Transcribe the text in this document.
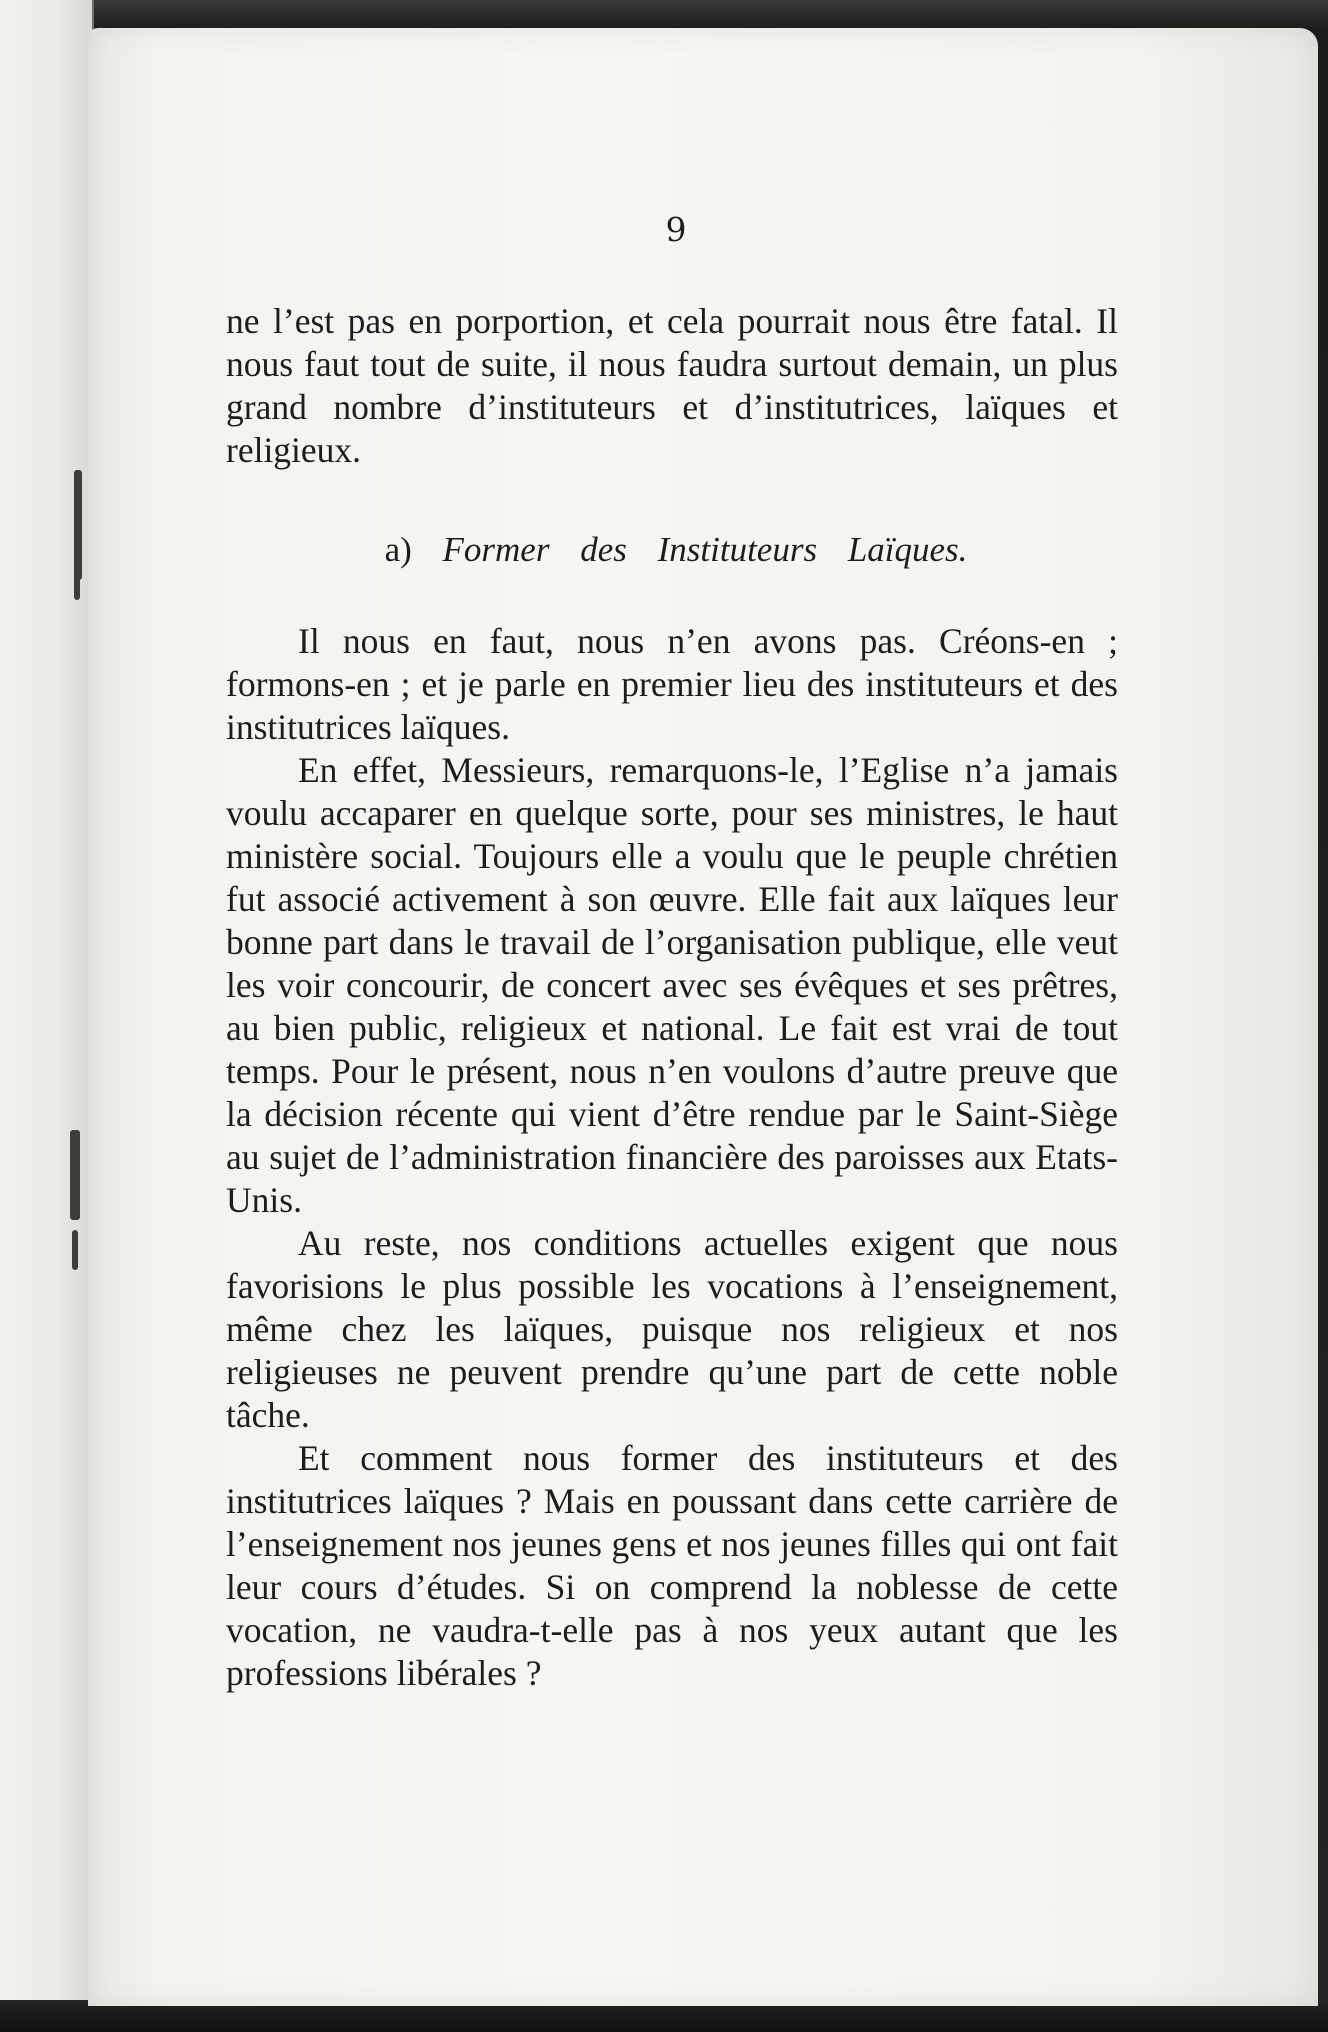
9

ne l’est pas en porportion, et cela pourrait nous être fatal. Il nous faut tout de suite, il nous faudra surtout demain, un plus grand nombre d’instituteurs et d’institutrices, laïques et religieux.

a) Former des Instituteurs Laïques.

Il nous en faut, nous n’en avons pas. Créons-en ; formons-en ; et je parle en premier lieu des instituteurs et des institutrices laïques.

En effet, Messieurs, remarquons-le, l’Eglise n’a jamais voulu accaparer en quelque sorte, pour ses ministres, le haut ministère social. Toujours elle a voulu que le peuple chrétien fut associé activement à son œuvre. Elle fait aux laïques leur bonne part dans le travail de l’organisation publique, elle veut les voir concourir, de concert avec ses évêques et ses prêtres, au bien public, religieux et national. Le fait est vrai de tout temps. Pour le présent, nous n’en voulons d’autre preuve que la décision récente qui vient d’être rendue par le Saint-Siège au sujet de l’administration financière des paroisses aux Etats-Unis.

Au reste, nos conditions actuelles exigent que nous favorisions le plus possible les vocations à l’enseignement, même chez les laïques, puisque nos religieux et nos religieuses ne peuvent prendre qu’une part de cette noble tâche.

Et comment nous former des instituteurs et des institutrices laïques ? Mais en poussant dans cette carrière de l’enseignement nos jeunes gens et nos jeunes filles qui ont fait leur cours d’études. Si on comprend la noblesse de cette vocation, ne vaudra-t-elle pas à nos yeux autant que les professions libérales ?
